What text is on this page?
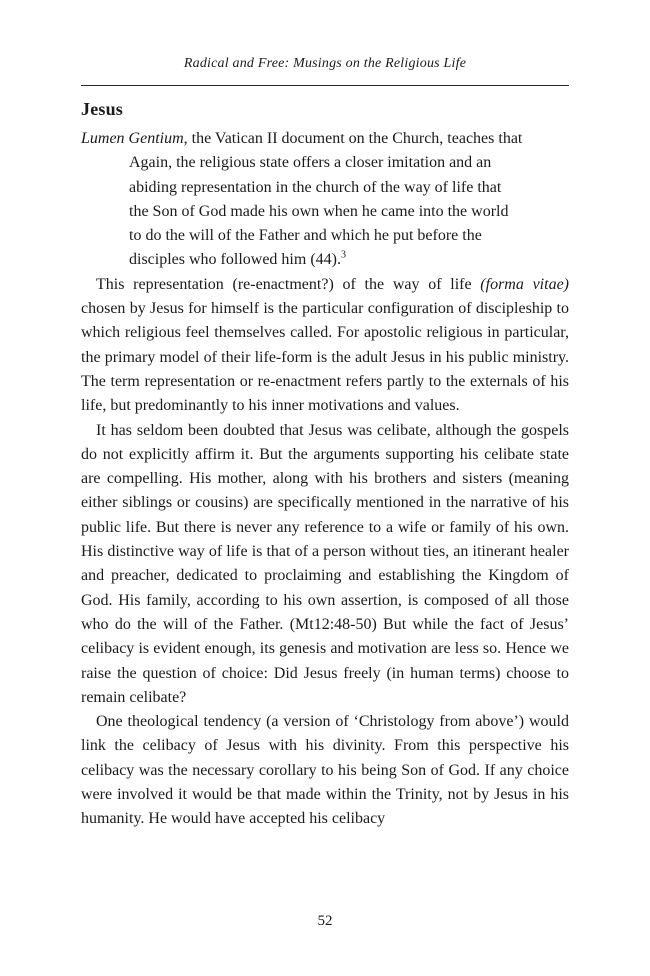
Radical and Free: Musings on the Religious Life
Jesus

Lumen Gentium, the Vatican II document on the Church, teaches that

Again, the religious state offers a closer imitation and an abiding representation in the church of the way of life that the Son of God made his own when he came into the world to do the will of the Father and which he put before the disciples who followed him (44).$^3$

This representation (re-enactment?) of the way of life (forma vitae) chosen by Jesus for himself is the particular configuration of discipleship to which religious feel themselves called. For apostolic religious in particular, the primary model of their life-form is the adult Jesus in his public ministry. The term representation or re-enactment refers partly to the externals of his life, but predominantly to his inner motivations and values.

It has seldom been doubted that Jesus was celibate, although the gospels do not explicitly affirm it. But the arguments supporting his celibate state are compelling. His mother, along with his brothers and sisters (meaning either siblings or cousins) are specifically mentioned in the narrative of his public life. But there is never any reference to a wife or family of his own. His distinctive way of life is that of a person without ties, an itinerant healer and preacher, dedicated to proclaiming and establishing the Kingdom of God. His family, according to his own assertion, is composed of all those who do the will of the Father. (Mt12:48-50) But while the fact of Jesus’ celibacy is evident enough, its genesis and motivation are less so. Hence we raise the question of choice: Did Jesus freely (in human terms) choose to remain celibate?

One theological tendency (a version of ‘Christology from above’) would link the celibacy of Jesus with his divinity. From this perspective his celibacy was the necessary corollary to his being Son of God. If any choice were involved it would be that made within the Trinity, not by Jesus in his humanity. He would have accepted his celibacy

52
